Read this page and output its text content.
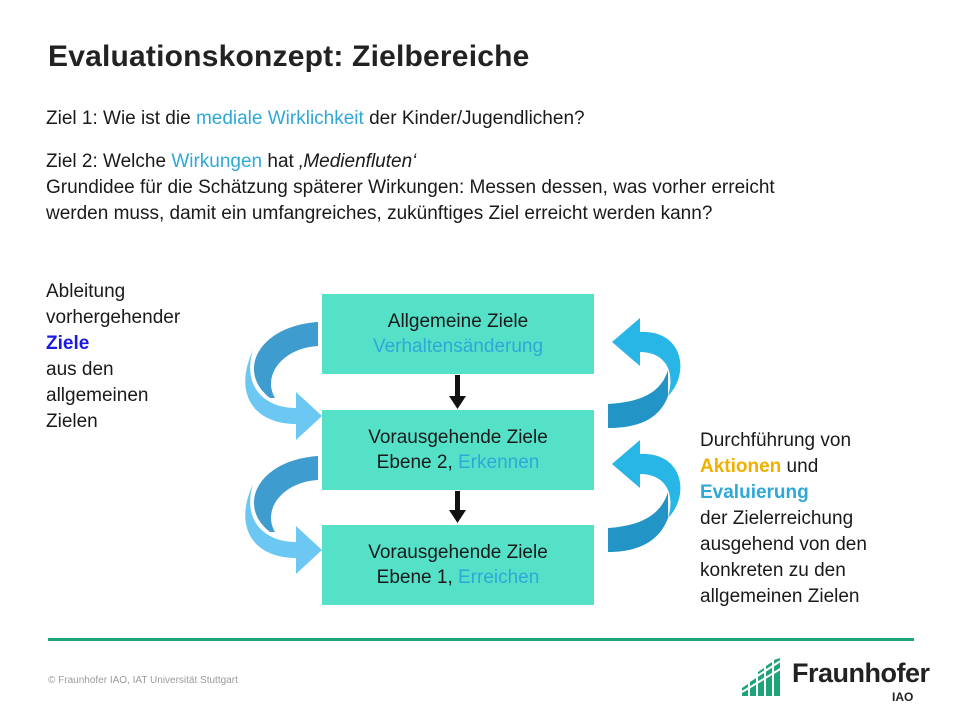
Evaluationskonzept: Zielbereiche
Ziel 1: Wie ist die mediale Wirklichkeit der Kinder/Jugendlichen?
Ziel 2: Welche Wirkungen hat ‚Medienfluten‘
Grundidee für die Schätzung späterer Wirkungen: Messen dessen, was vorher erreicht werden muss, damit ein umfangreiches, zukünftiges Ziel erreicht werden kann?
Ableitung
vorhergehender
Ziele
aus den
allgemeinen
Zielen
Durchführung von
Aktionen und
Evaluierung
der Zielerreichung
ausgehend von den
konkreten zu den
allgemeinen Zielen
Allgemeine Ziele
Verhaltensänderung
Vorausgehende Ziele
Ebene 2, Erkennen
Vorausgehende Ziele
Ebene 1, Erreichen
© Fraunhofer IAO, IAT Universität Stuttgart	Fraunhofer
IAO
